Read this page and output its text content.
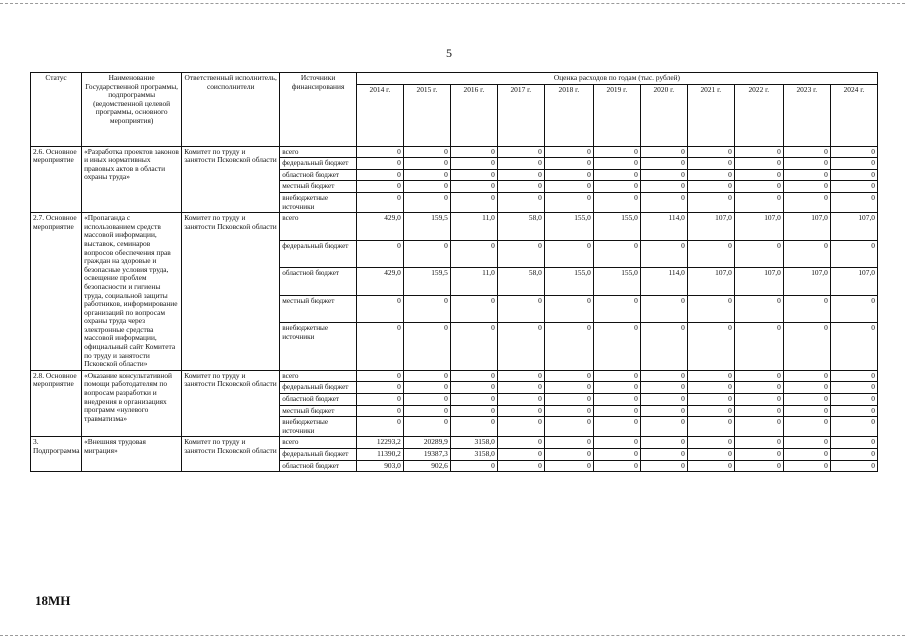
5
Статус	Наименование Государственной программы, подпрограммы (ведомственной целевой программы, основного мероприятия)	Ответственный исполнитель, соисполнители	Источники финансирования	Оценка расходов по годам (тыс. рублей)										
				2014 г.	2015 г.	2016 г.	2017 г.	2018 г.	2019 г.	2020 г.	2021 г.	2022 г.	2023 г.	2024 г.
2.6. Основное мероприятие	«Разработка проектов законов и иных нормативных правовых актов в области охраны труда»	Комитет по труду и занятости Псковской области	всего	0	0	0	0	0	0	0	0	0	0	0
			федеральный бюджет	0	0	0	0	0	0	0	0	0	0	0
			областной бюджет	0	0	0	0	0	0	0	0	0	0	0
			местный бюджет	0	0	0	0	0	0	0	0	0	0	0
			внебюджетные источники	0	0	0	0	0	0	0	0	0	0	0
2.7. Основное мероприятие	«Пропаганда с использованием средств массовой информации, выставок, семинаров вопросов обеспечения прав граждан на здоровые и безопасные условия труда, освещение проблем безопасности и гигиены труда, социальной защиты работников, информирование организаций по вопросам охраны труда через электронные средства массовой информации, официальный сайт Комитета по труду и занятости Псковской области»	Комитет по труду и занятости Псковской области	всего	429,0	159,5	11,0	58,0	155,0	155,0	114,0	107,0	107,0	107,0	107,0
			федеральный бюджет	0	0	0	0	0	0	0	0	0	0	0
			областной бюджет	429,0	159,5	11,0	58,0	155,0	155,0	114,0	107,0	107,0	107,0	107,0
			местный бюджет	0	0	0	0	0	0	0	0	0	0	0
			внебюджетные источники	0	0	0	0	0	0	0	0	0	0	0
2.8. Основное мероприятие	«Оказание консультативной помощи работодателям по вопросам разработки и внедрения в организациях программ «нулевого травматизма»	Комитет по труду и занятости Псковской области	всего	0	0	0	0	0	0	0	0	0	0	0
			федеральный бюджет	0	0	0	0	0	0	0	0	0	0	0
			областной бюджет	0	0	0	0	0	0	0	0	0	0	0
			местный бюджет	0	0	0	0	0	0	0	0	0	0	0
			внебюджетные источники	0	0	0	0	0	0	0	0	0	0	0
3. Подпрограмма	«Внешняя трудовая миграция»	Комитет по труду и занятости Псковской области	всего	12293,2	20289,9	3158,0	0	0	0	0	0	0	0	0
			федеральный бюджет	11390,2	19387,3	3158,0	0	0	0	0	0	0	0	0
			областной бюджет	903,0	902,6	0	0	0	0	0	0	0	0	0
18МН
